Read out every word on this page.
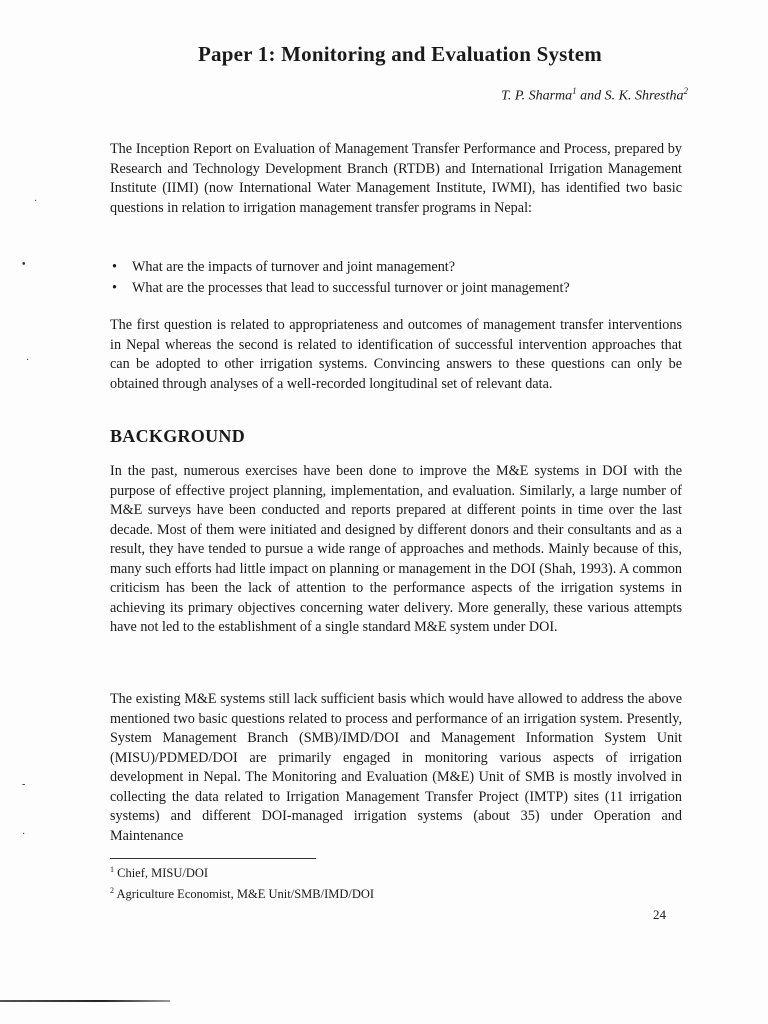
Paper 1: Monitoring and Evaluation System
T. P. Sharma$^1$ and S. K. Shrestha$^2$

The Inception Report on Evaluation of Management Transfer Performance and Process, prepared by Research and Technology Development Branch (RTDB) and International Irrigation Management Institute (IIMI) (now International Water Management Institute, IWMI), has identified two basic questions in relation to irrigation management transfer programs in Nepal:

• What are the impacts of turnover and joint management?
• What are the processes that lead to successful turnover or joint management?

The first question is related to appropriateness and outcomes of management transfer interventions in Nepal whereas the second is related to identification of successful intervention approaches that can be adopted to other irrigation systems. Convincing answers to these questions can only be obtained through analyses of a well-recorded longitudinal set of relevant data.

BACKGROUND

In the past, numerous exercises have been done to improve the M&E systems in DOI with the purpose of effective project planning, implementation, and evaluation. Similarly, a large number of M&E surveys have been conducted and reports prepared at different points in time over the last decade. Most of them were initiated and designed by different donors and their consultants and as a result, they have tended to pursue a wide range of approaches and methods. Mainly because of this, many such efforts had little impact on planning or management in the DOI (Shah, 1993). A common criticism has been the lack of attention to the performance aspects of the irrigation systems in achieving its primary objectives concerning water delivery. More generally, these various attempts have not led to the establishment of a single standard M&E system under DOI.

The existing M&E systems still lack sufficient basis which would have allowed to address the above mentioned two basic questions related to process and performance of an irrigation system. Presently, System Management Branch (SMB)/IMD/DOI and Management Information System Unit (MISU)/PDMED/DOI are primarily engaged in monitoring various aspects of irrigation development in Nepal. The Monitoring and Evaluation (M&E) Unit of SMB is mostly involved in collecting the data related to Irrigation Management Transfer Project (IMTP) sites (11 irrigation systems) and different DOI-managed irrigation systems (about 35) under Operation and Maintenance

$^1$ Chief, MISU/DOI
$^2$ Agriculture Economist, M&E Unit/SMB/IMD/DOI
24
·
•
·
-
·
